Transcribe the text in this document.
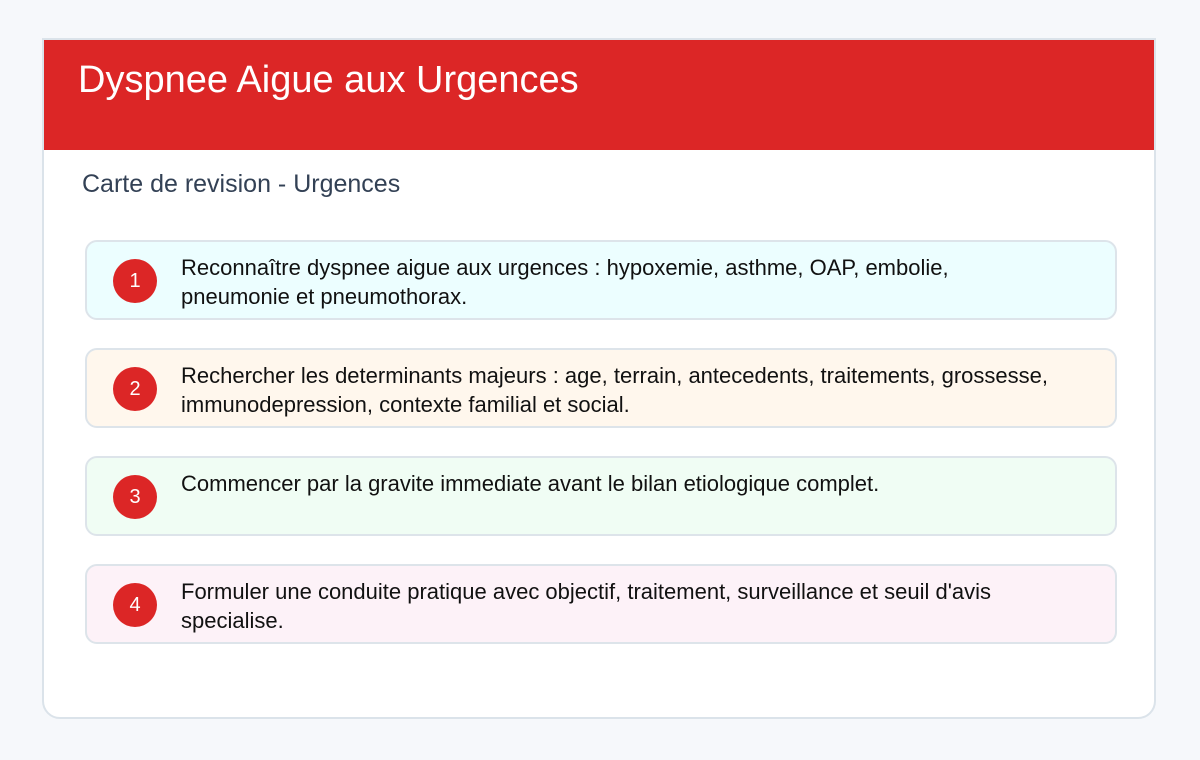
Dyspnee Aigue aux Urgences
Carte de revision - Urgences
1
Reconnaître dyspnee aigue aux urgences : hypoxemie, asthme, OAP, embolie, pneumonie et pneumothorax.
2
Rechercher les determinants majeurs : age, terrain, antecedents, traitements, grossesse, immunodepression, contexte familial et social.
3
Commencer par la gravite immediate avant le bilan etiologique complet.
4
Formuler une conduite pratique avec objectif, traitement, surveillance et seuil d'avis specialise.
